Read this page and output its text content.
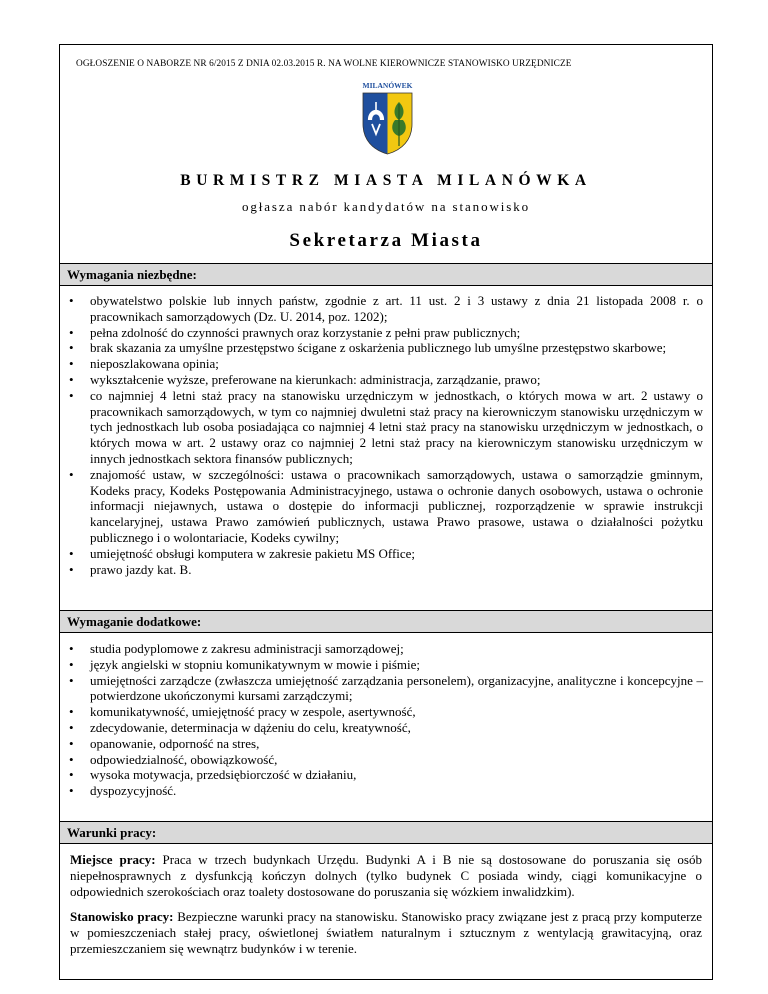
OGŁOSZENIE O NABORZE NR 6/2015 Z DNIA 02.03.2015 R. NA WOLNE KIEROWNICZE STANOWISKO URZĘDNICZE
MILANÓWEK
BURMISTRZ MIASTA MILANÓWKA
ogłasza nabór kandydatów na stanowisko
Sekretarza Miasta
Wymagania niezbędne:
• obywatelstwo polskie lub innych państw, zgodnie z art. 11 ust. 2 i 3 ustawy z dnia 21 listopada 2008 r. o pracownikach samorządowych (Dz. U. 2014, poz. 1202);
• pełna zdolność do czynności prawnych oraz korzystanie z pełni praw publicznych;
• brak skazania za umyślne przestępstwo ścigane z oskarżenia publicznego lub umyślne przestępstwo skarbowe;
• nieposzlakowana opinia;
• wykształcenie wyższe, preferowane na kierunkach: administracja, zarządzanie, prawo;
• co najmniej 4 letni staż pracy na stanowisku urzędniczym w jednostkach, o których mowa w art. 2 ustawy o pracownikach samorządowych, w tym co najmniej dwuletni staż pracy na kierowniczym stanowisku urzędniczym w tych jednostkach lub osoba posiadająca co najmniej 4 letni staż pracy na stanowisku urzędniczym w jednostkach, o których mowa w art. 2 ustawy oraz co najmniej 2 letni staż pracy na kierowniczym stanowisku urzędniczym w innych jednostkach sektora finansów publicznych;
• znajomość ustaw, w szczególności: ustawa o pracownikach samorządowych, ustawa o samorządzie gminnym, Kodeks pracy, Kodeks Postępowania Administracyjnego, ustawa o ochronie danych osobowych, ustawa o ochronie informacji niejawnych, ustawa o dostępie do informacji publicznej, rozporządzenie w sprawie instrukcji kancelaryjnej, ustawa Prawo zamówień publicznych, ustawa Prawo prasowe, ustawa o działalności pożytku publicznego i o wolontariacie, Kodeks cywilny;
• umiejętność obsługi komputera w zakresie pakietu MS Office;
• prawo jazdy kat. B.
Wymaganie dodatkowe:
• studia podyplomowe z zakresu administracji samorządowej;
• język angielski w stopniu komunikatywnym w mowie i piśmie;
• umiejętności zarządcze (zwłaszcza umiejętność zarządzania personelem), organizacyjne, analityczne i koncepcyjne – potwierdzone ukończonymi kursami zarządczymi;
• komunikatywność, umiejętność pracy w zespole, asertywność,
• zdecydowanie, determinacja w dążeniu do celu, kreatywność,
• opanowanie, odporność na stres,
• odpowiedzialność, obowiązkowość,
• wysoka motywacja, przedsiębiorczość w działaniu,
• dyspozycyjność.
Warunki pracy:

Miejsce pracy: Praca w trzech budynkach Urzędu. Budynki A i B nie są dostosowane do poruszania się osób niepełnosprawnych z dysfunkcją kończyn dolnych (tylko budynek C posiada windy, ciągi komunikacyjne o odpowiednich szerokościach oraz toalety dostosowane do poruszania się wózkiem inwalidzkim).

Stanowisko pracy: Bezpieczne warunki pracy na stanowisku. Stanowisko pracy związane jest z pracą przy komputerze w pomieszczeniach stałej pracy, oświetlonej światłem naturalnym i sztucznym z wentylacją grawitacyjną, oraz przemieszczaniem się wewnątrz budynków i w terenie.
